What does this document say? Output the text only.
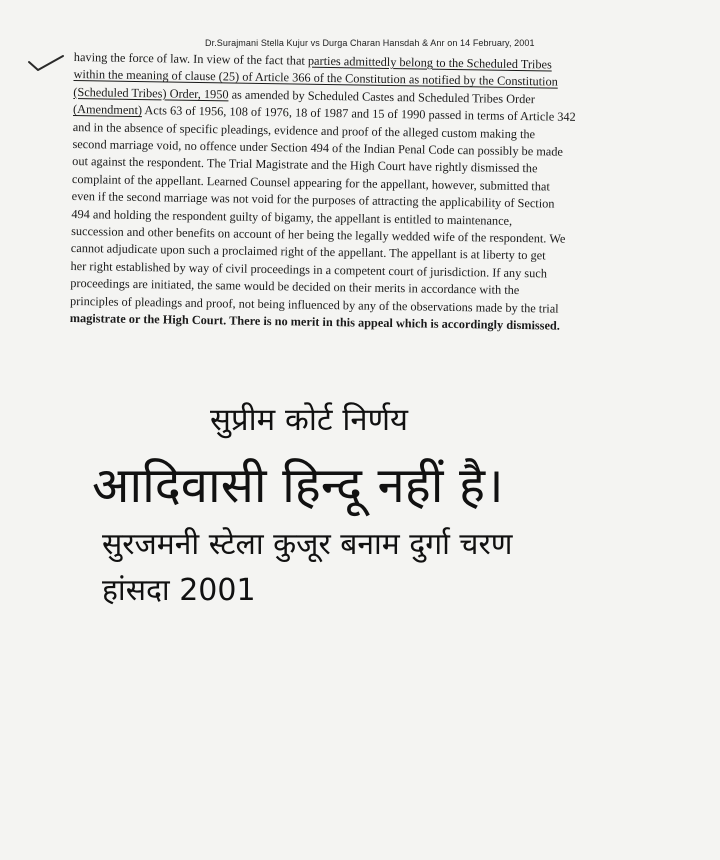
Dr.Surajmani Stella Kujur vs Durga Charan Hansdah & Anr on 14 February, 2001
having the force of law. In view of the fact that parties admittedly belong to the Scheduled Tribes
within the meaning of clause (25) of Article 366 of the Constitution as notified by the Constitution
(Scheduled Tribes) Order, 1950 as amended by Scheduled Castes and Scheduled Tribes Order
(Amendment) Acts 63 of 1956, 108 of 1976, 18 of 1987 and 15 of 1990 passed in terms of Article 342
and in the absence of specific pleadings, evidence and proof of the alleged custom making the
second marriage void, no offence under Section 494 of the Indian Penal Code can possibly be made
out against the respondent. The Trial Magistrate and the High Court have rightly dismissed the
complaint of the appellant. Learned Counsel appearing for the appellant, however, submitted that
even if the second marriage was not void for the purposes of attracting the applicability of Section
494 and holding the respondent guilty of bigamy, the appellant is entitled to maintenance,
succession and other benefits on account of her being the legally wedded wife of the respondent. We
cannot adjudicate upon such a proclaimed right of the appellant. The appellant is at liberty to get
her right established by way of civil proceedings in a competent court of jurisdiction. If any such
proceedings are initiated, the same would be decided on their merits in accordance with the
principles of pleadings and proof, not being influenced by any of the observations made by the trial
magistrate or the High Court. There is no merit in this appeal which is accordingly dismissed.
सुप्रीम कोर्ट निर्णय
आदिवासी हिन्दू नहीं है।
सुरजमनी स्टेला कुजूर बनाम दुर्गा चरण
हांसदा 2001
